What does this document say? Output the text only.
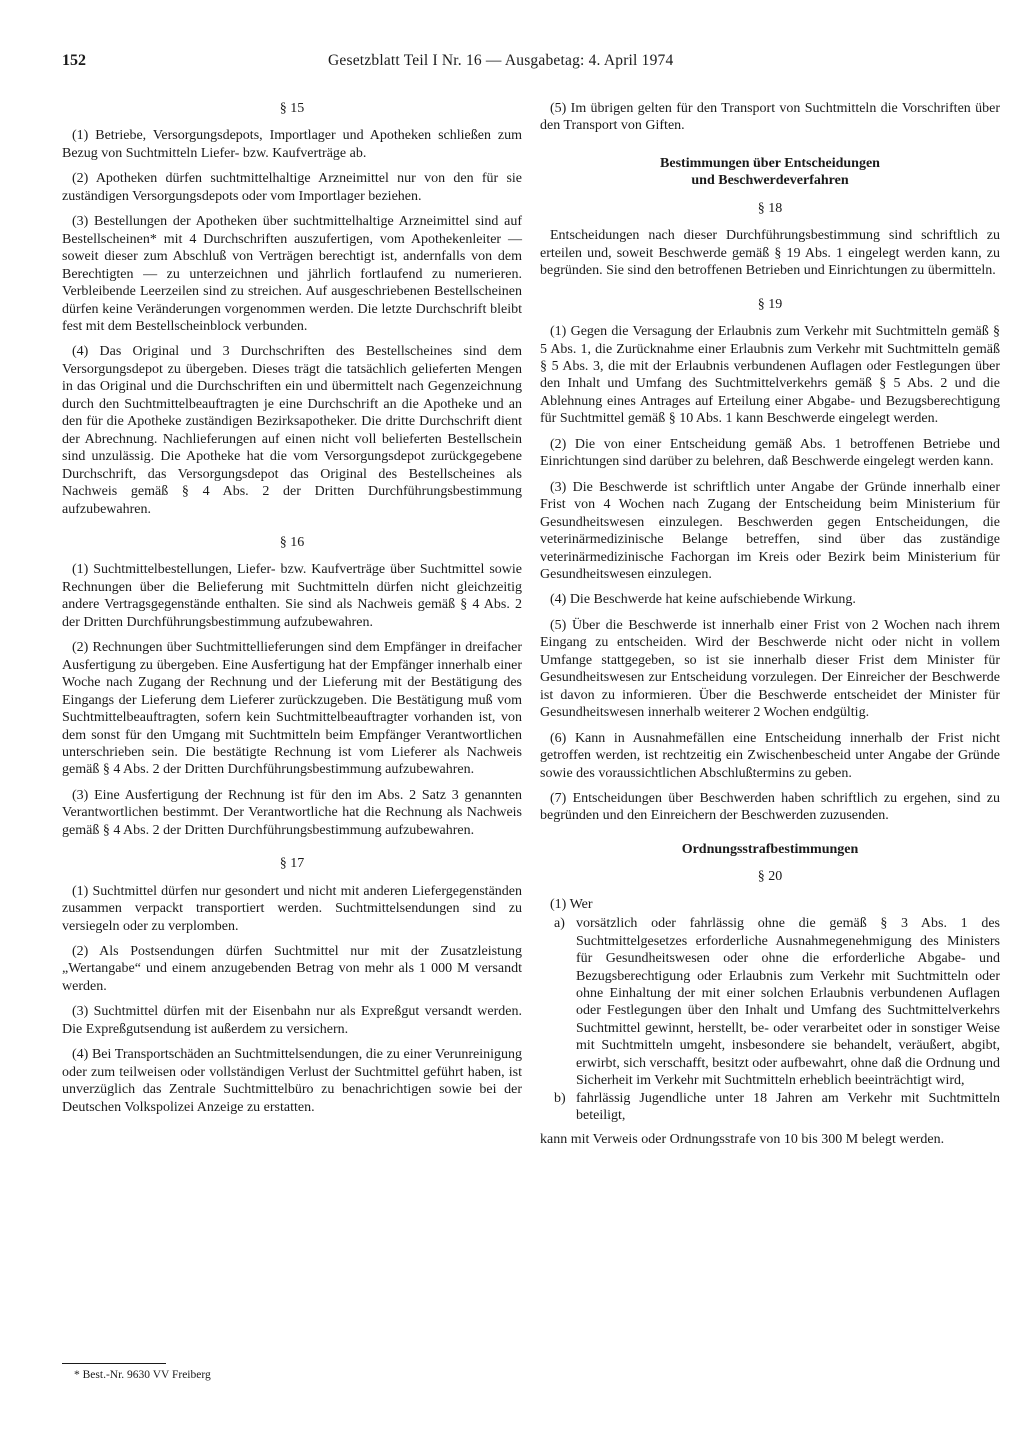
152	Gesetzblatt Teil I Nr. 16 — Ausgabetag: 4. April 1974
§ 15

(1) Betriebe, Versorgungsdepots, Importlager und Apotheken schließen zum Bezug von Suchtmitteln Liefer- bzw. Kaufverträge ab.

(2) Apotheken dürfen suchtmittelhaltige Arzneimittel nur von den für sie zuständigen Versorgungsdepots oder vom Importlager beziehen.

(3) Bestellungen der Apotheken über suchtmittelhaltige Arzneimittel sind auf Bestellscheinen* mit 4 Durchschriften auszufertigen, vom Apothekenleiter — soweit dieser zum Abschluß von Verträgen berechtigt ist, andernfalls von dem Berechtigten — zu unterzeichnen und jährlich fortlaufend zu numerieren. Verbleibende Leerzeilen sind zu streichen. Auf ausgeschriebenen Bestellscheinen dürfen keine Veränderungen vorgenommen werden. Die letzte Durchschrift bleibt fest mit dem Bestellscheinblock verbunden.

(4) Das Original und 3 Durchschriften des Bestellscheines sind dem Versorgungsdepot zu übergeben. Dieses trägt die tatsächlich gelieferten Mengen in das Original und die Durchschriften ein und übermittelt nach Gegenzeichnung durch den Suchtmittelbeauftragten je eine Durchschrift an die Apotheke und an den für die Apotheke zuständigen Bezirksapotheker. Die dritte Durchschrift dient der Abrechnung. Nachlieferungen auf einen nicht voll belieferten Bestellschein sind unzulässig. Die Apotheke hat die vom Versorgungsdepot zurückgegebene Durchschrift, das Versorgungsdepot das Original des Bestellscheines als Nachweis gemäß § 4 Abs. 2 der Dritten Durchführungsbestimmung aufzubewahren.

§ 16

(1) Suchtmittelbestellungen, Liefer- bzw. Kaufverträge über Suchtmittel sowie Rechnungen über die Belieferung mit Suchtmitteln dürfen nicht gleichzeitig andere Vertragsgegenstände enthalten. Sie sind als Nachweis gemäß § 4 Abs. 2 der Dritten Durchführungsbestimmung aufzubewahren.

(2) Rechnungen über Suchtmittellieferungen sind dem Empfänger in dreifacher Ausfertigung zu übergeben. Eine Ausfertigung hat der Empfänger innerhalb einer Woche nach Zugang der Rechnung und der Lieferung mit der Bestätigung des Eingangs der Lieferung dem Lieferer zurückzugeben. Die Bestätigung muß vom Suchtmittelbeauftragten, sofern kein Suchtmittelbeauftragter vorhanden ist, von dem sonst für den Umgang mit Suchtmitteln beim Empfänger Verantwortlichen unterschrieben sein. Die bestätigte Rechnung ist vom Lieferer als Nachweis gemäß § 4 Abs. 2 der Dritten Durchführungsbestimmung aufzubewahren.

(3) Eine Ausfertigung der Rechnung ist für den im Abs. 2 Satz 3 genannten Verantwortlichen bestimmt. Der Verantwortliche hat die Rechnung als Nachweis gemäß § 4 Abs. 2 der Dritten Durchführungsbestimmung aufzubewahren.

§ 17

(1) Suchtmittel dürfen nur gesondert und nicht mit anderen Liefergegenständen zusammen verpackt transportiert werden. Suchtmittelsendungen sind zu versiegeln oder zu verplomben.

(2) Als Postsendungen dürfen Suchtmittel nur mit der Zusatzleistung „Wertangabe“ und einem anzugebenden Betrag von mehr als 1 000 M versandt werden.

(3) Suchtmittel dürfen mit der Eisenbahn nur als Expreßgut versandt werden. Die Expreßgutsendung ist außerdem zu versichern.

(4) Bei Transportschäden an Suchtmittelsendungen, die zu einer Verunreinigung oder zum teilweisen oder vollständigen Verlust der Suchtmittel geführt haben, ist unverzüglich das Zentrale Suchtmittelbüro zu benachrichtigen sowie bei der Deutschen Volkspolizei Anzeige zu erstatten.

(5) Im übrigen gelten für den Transport von Suchtmitteln die Vorschriften über den Transport von Giften.

Bestimmungen über Entscheidungen
und Beschwerdeverfahren
§ 18

Entscheidungen nach dieser Durchführungsbestimmung sind schriftlich zu erteilen und, soweit Beschwerde gemäß § 19 Abs. 1 eingelegt werden kann, zu begründen. Sie sind den betroffenen Betrieben und Einrichtungen zu übermitteln.

§ 19

(1) Gegen die Versagung der Erlaubnis zum Verkehr mit Suchtmitteln gemäß § 5 Abs. 1, die Zurücknahme einer Erlaubnis zum Verkehr mit Suchtmitteln gemäß § 5 Abs. 3, die mit der Erlaubnis verbundenen Auflagen oder Festlegungen über den Inhalt und Umfang des Suchtmittelverkehrs gemäß § 5 Abs. 2 und die Ablehnung eines Antrages auf Erteilung einer Abgabe- und Bezugsberechtigung für Suchtmittel gemäß § 10 Abs. 1 kann Beschwerde eingelegt werden.

(2) Die von einer Entscheidung gemäß Abs. 1 betroffenen Betriebe und Einrichtungen sind darüber zu belehren, daß Beschwerde eingelegt werden kann.

(3) Die Beschwerde ist schriftlich unter Angabe der Gründe innerhalb einer Frist von 4 Wochen nach Zugang der Entscheidung beim Ministerium für Gesundheitswesen einzulegen. Beschwerden gegen Entscheidungen, die veterinärmedizinische Belange betreffen, sind über das zuständige veterinärmedizinische Fachorgan im Kreis oder Bezirk beim Ministerium für Gesundheitswesen einzulegen.

(4) Die Beschwerde hat keine aufschiebende Wirkung.

(5) Über die Beschwerde ist innerhalb einer Frist von 2 Wochen nach ihrem Eingang zu entscheiden. Wird der Beschwerde nicht oder nicht in vollem Umfange stattgegeben, so ist sie innerhalb dieser Frist dem Minister für Gesundheitswesen zur Entscheidung vorzulegen. Der Einreicher der Beschwerde ist davon zu informieren. Über die Beschwerde entscheidet der Minister für Gesundheitswesen innerhalb weiterer 2 Wochen endgültig.

(6) Kann in Ausnahmefällen eine Entscheidung innerhalb der Frist nicht getroffen werden, ist rechtzeitig ein Zwischenbescheid unter Angabe der Gründe sowie des voraussichtlichen Abschlußtermins zu geben.

(7) Entscheidungen über Beschwerden haben schriftlich zu ergehen, sind zu begründen und den Einreichern der Beschwerden zuzusenden.

Ordnungsstrafbestimmungen
§ 20

(1) Wer

a) vorsätzlich oder fahrlässig ohne die gemäß § 3 Abs. 1 des Suchtmittelgesetzes erforderliche Ausnahmegenehmigung des Ministers für Gesundheitswesen oder ohne die erforderliche Abgabe- und Bezugsberechtigung oder Erlaubnis zum Verkehr mit Suchtmitteln oder ohne Einhaltung der mit einer solchen Erlaubnis verbundenen Auflagen oder Festlegungen über den Inhalt und Umfang des Suchtmittelverkehrs Suchtmittel gewinnt, herstellt, be- oder verarbeitet oder in sonstiger Weise mit Suchtmitteln umgeht, insbesondere sie behandelt, veräußert, abgibt, erwirbt, sich verschafft, besitzt oder aufbewahrt, ohne daß die Ordnung und Sicherheit im Verkehr mit Suchtmitteln erheblich beeinträchtigt wird,
b) fahrlässig Jugendliche unter 18 Jahren am Verkehr mit Suchtmitteln beteiligt,

kann mit Verweis oder Ordnungsstrafe von 10 bis 300 M belegt werden.

* Best.-Nr. 9630 VV Freiberg
